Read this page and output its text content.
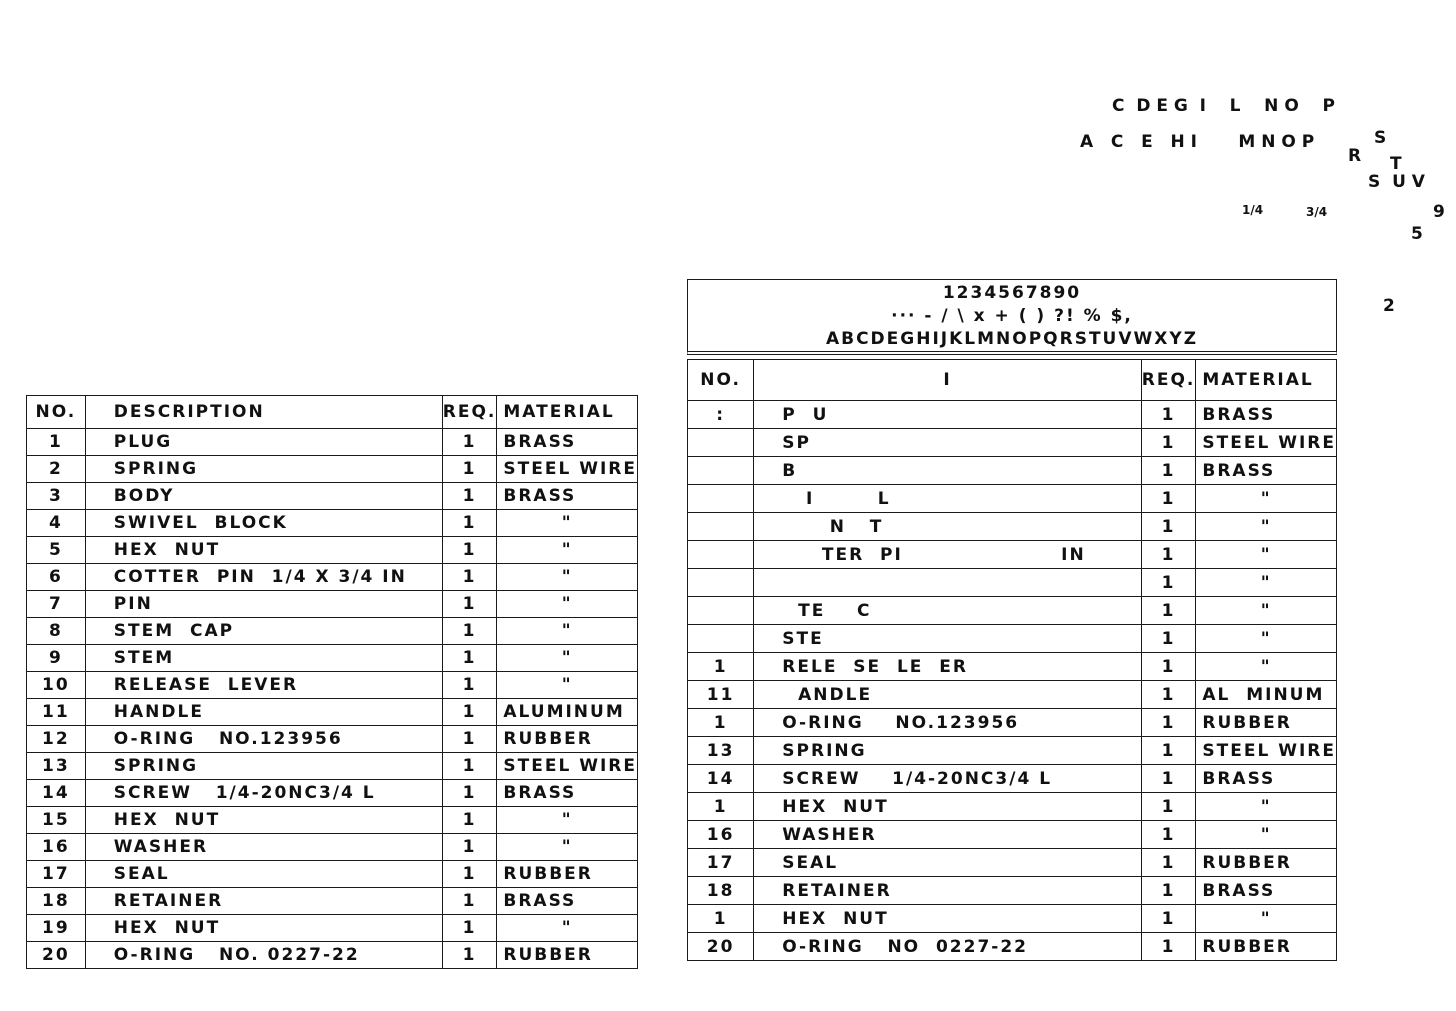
C  D E G  I    L    N O    P
A   C   E   H I       M N O P	S
R T
S  U V
1/4	3/4	9
5
2
1234567890
··· - / \ x + ( ) ?! % $,
ABCDEGHIJKLMNOPQRSTUVWXYZ
NO.	DESCRIPTION	REQ.	MATERIAL
1	PLUG	1	BRASS
2	SPRING	1	STEEL WIRE
3	BODY	1	BRASS
4	SWIVEL  BLOCK	1	"
5	HEX  NUT	1	"
6	COTTER  PIN  1/4 X 3/4 IN	1	"
7	PIN	1	"
8	STEM  CAP	1	"
9	STEM	1	"
10	RELEASE  LEVER	1	"
11	HANDLE	1	ALUMINUM
12	O-RING   NO.123956	1	RUBBER
13	SPRING	1	STEEL WIRE
14	SCREW   1/4-20NC3/4 L	1	BRASS
15	HEX  NUT	1	"
16	WASHER	1	"
17	SEAL	1	RUBBER
18	RETAINER	1	BRASS
19	HEX  NUT	1	"
20	O-RING   NO. 0227-22	1	RUBBER
NO.	I	REQ.	MATERIAL
:	P  U	1	BRASS
	SP	1	STEEL WIRE
	B	1	BRASS
	I        L	1	"
	N   T	1	"
	TER  PI                    IN	1	"
		1	"
	TE    C	1	"
	STE	1	"
1	RELE  SE  LE  ER	1	"
11	ANDLE	1	AL  MINUM
1	O-RING    NO.123956	1	RUBBER
13	SPRING	1	STEEL WIRE
14	SCREW    1/4-20NC3/4 L	1	BRASS
1	HEX  NUT	1	"
16	WASHER	1	"
17	SEAL	1	RUBBER
18	RETAINER	1	BRASS
1	HEX  NUT	1	"
20	O-RING   NO  0227-22	1	RUBBER
